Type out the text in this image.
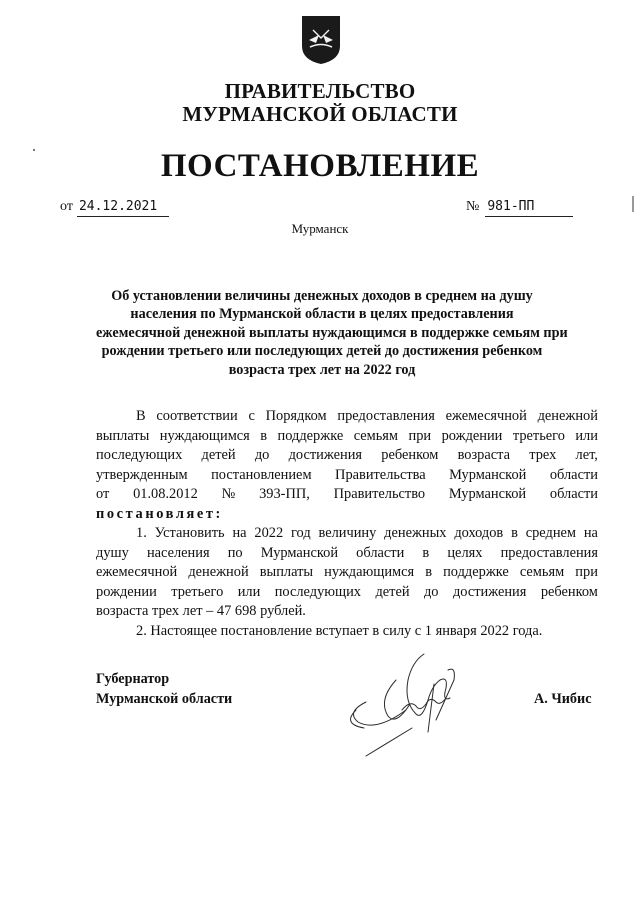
ПРАВИТЕЛЬСТВО
МУРМАНСКОЙ ОБЛАСТИ
ПОСТАНОВЛЕНИЕ
от 24.12.2021	№ 981-ПП
Мурманск
Об установлении величины денежных доходов в среднем на душу
населения по Мурманской области в целях предоставления
ежемесячной денежной выплаты нуждающимся в поддержке семьям при
рождении третьего или последующих детей до достижения ребенком
возраста трех лет на 2022 год
В соответствии с Порядком предоставления ежемесячной денежной
выплаты нуждающимся в поддержке семьям при рождении третьего или
последующих детей до достижения ребенком возраста трех лет,
утвержденным постановлением Правительства Мурманской области
от 01.08.2012 № 393-ПП, Правительство Мурманской области
постановляет:
1. Установить на 2022 год величину денежных доходов в среднем на
душу населения по Мурманской области в целях предоставления
ежемесячной денежной выплаты нуждающимся в поддержке семьям при
рождении третьего или последующих детей до достижения ребенком
возраста трех лет – 47 698 рублей.
2. Настоящее постановление вступает в силу с 1 января 2022 года.
Губернатор
Мурманской области	А. Чибис
